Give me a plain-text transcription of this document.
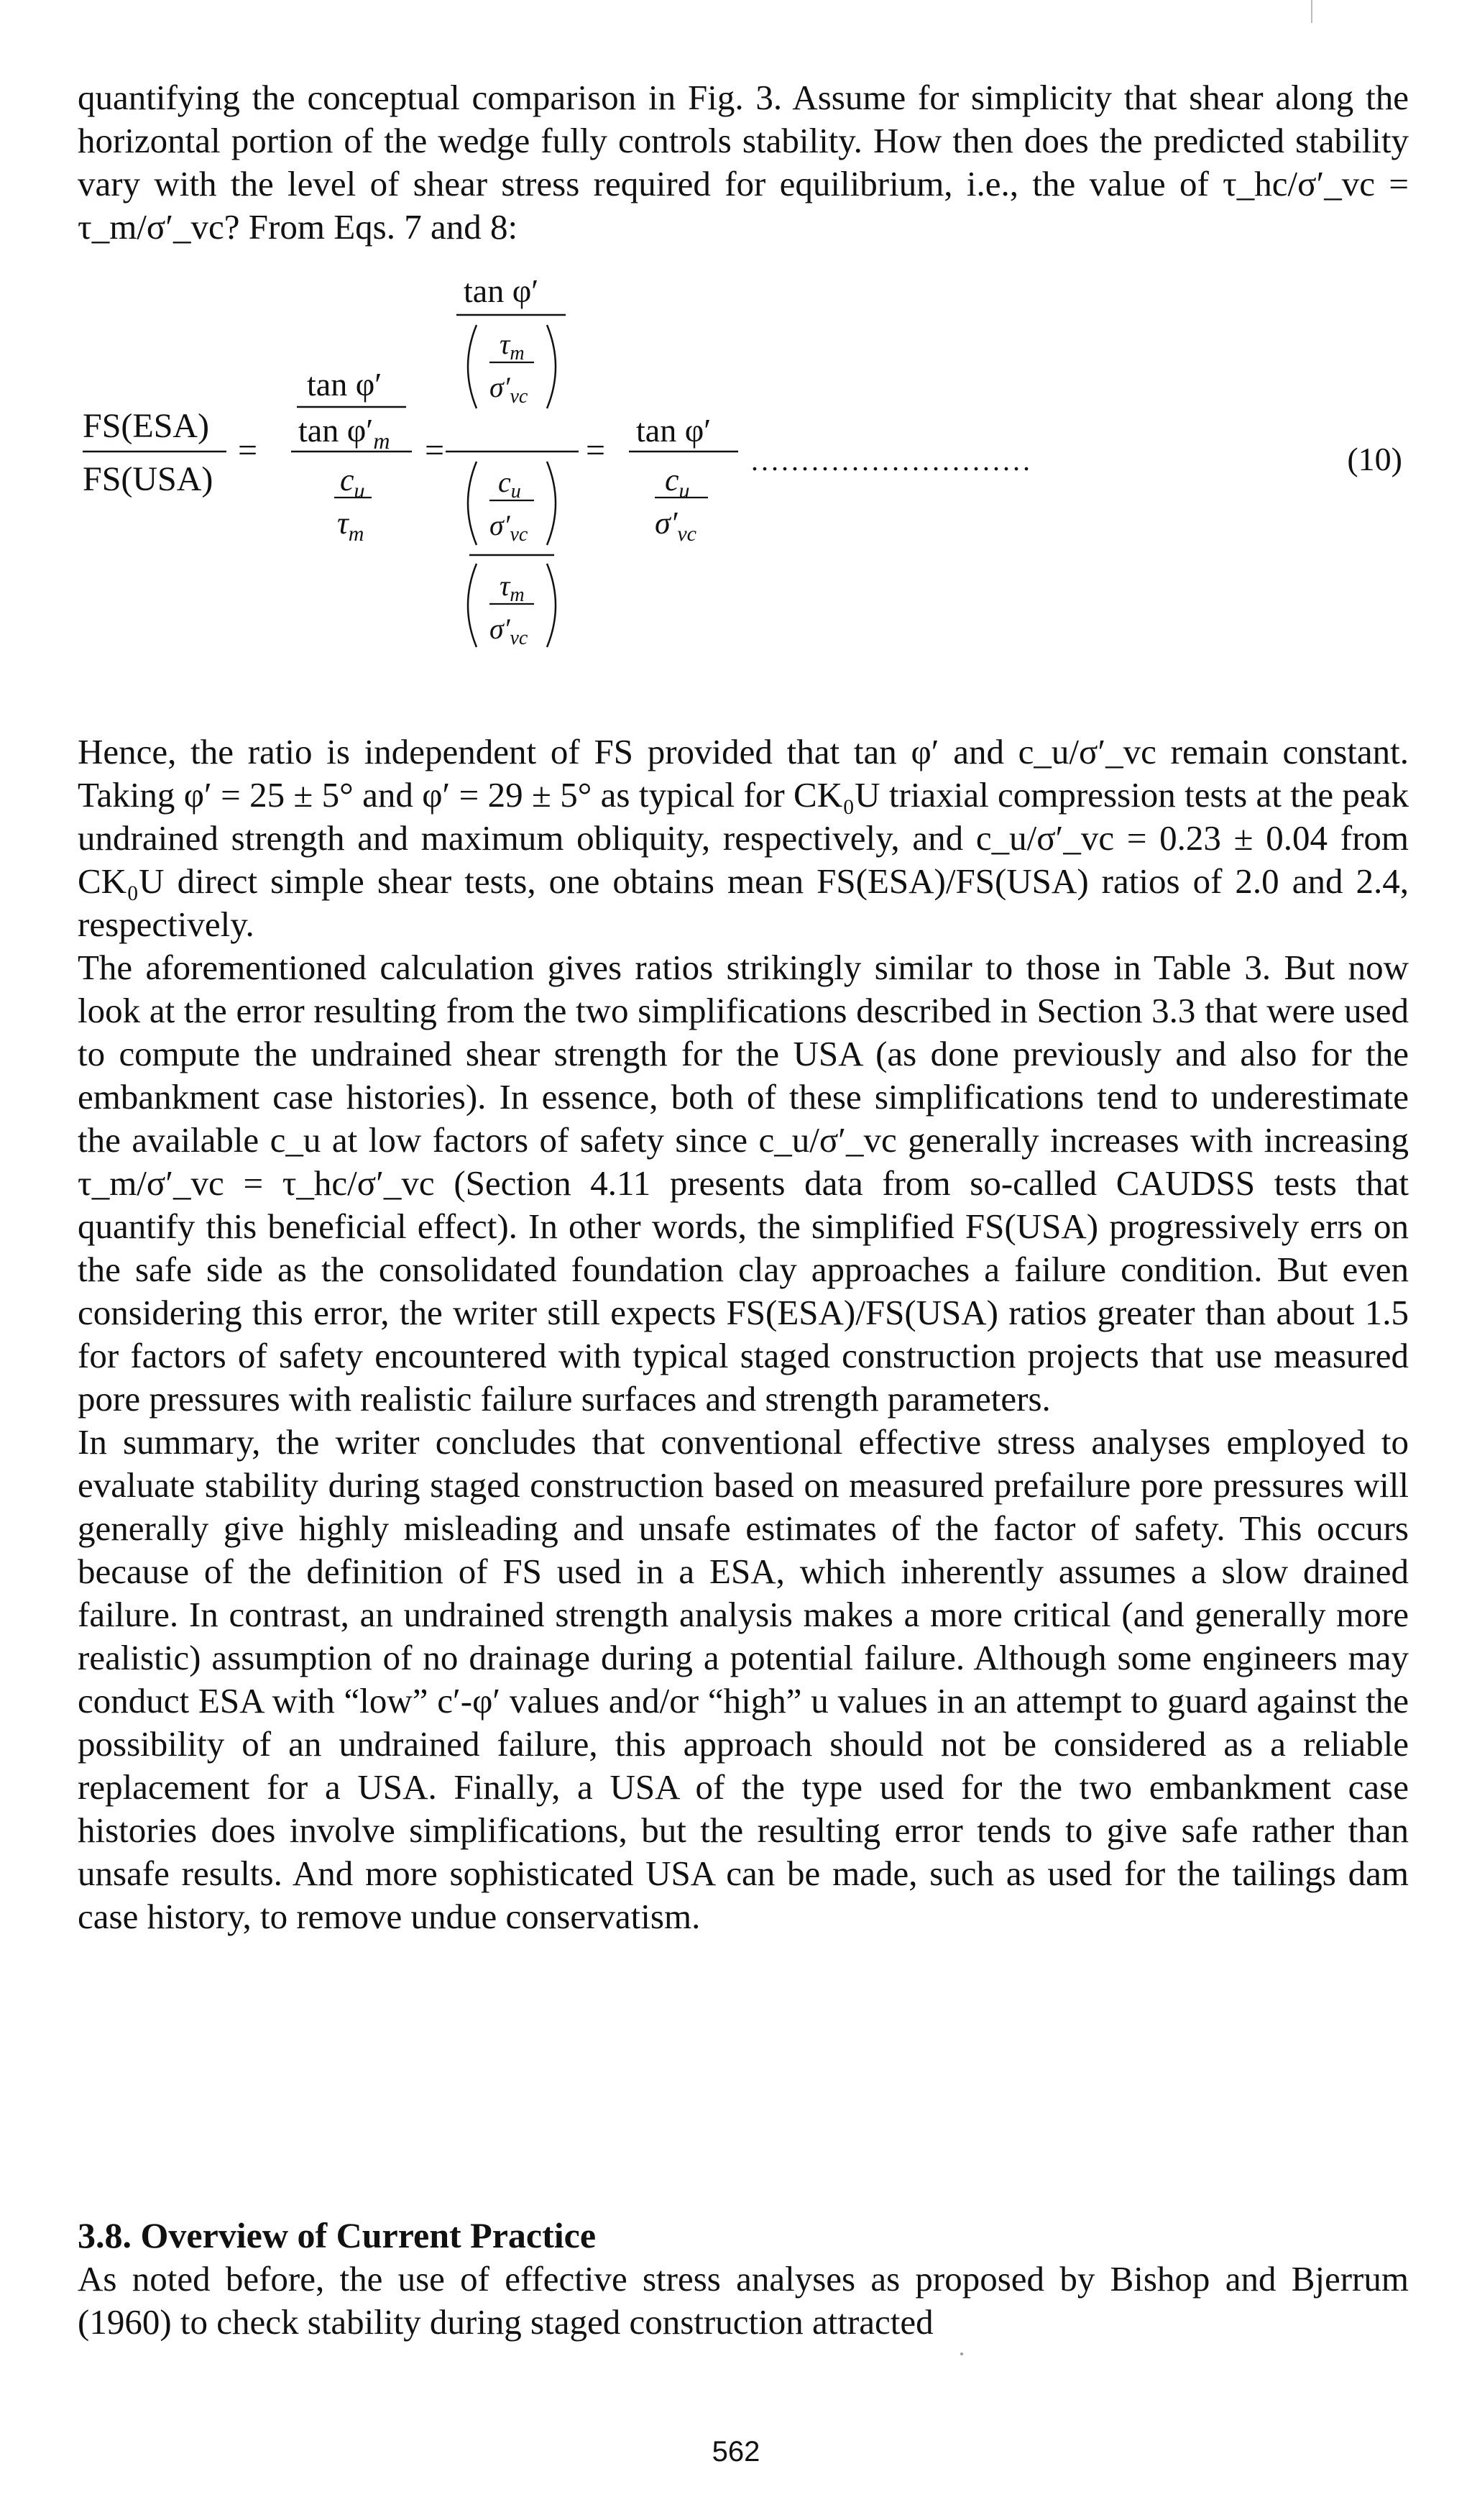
quantifying the conceptual comparison in Fig. 3. Assume for simplicity that shear along the horizontal portion of the wedge fully controls stability. How then does the predicted stability vary with the level of shear stress required for equilibrium, i.e., the value of τ_hc/σ′_vc = τ_m/σ′_vc? From Eqs. 7 and 8:

FS(ESA)
FS(USA)
=
tan φ′
$\tan \varphi'_m$
$c_u$
$\tau_m$
=
tan φ′
$\tau_m$
$\sigma'_{vc}$
$c_u$
$\sigma'_{vc}$
$\tau_m$
$\sigma'_{vc}$
=
tan φ′
$c_u$
$\sigma'_{vc}$
............................	(10)

Hence, the ratio is independent of FS provided that tan φ′ and c_u/σ′_vc remain constant. Taking φ′ = 25 ± 5° and φ′ = 29 ± 5° as typical for CK₀U triaxial compression tests at the peak undrained strength and maximum obliquity, respectively, and c_u/σ′_vc = 0.23 ± 0.04 from CK₀U direct simple shear tests, one obtains mean FS(ESA)/FS(USA) ratios of 2.0 and 2.4, respectively.

The aforementioned calculation gives ratios strikingly similar to those in Table 3. But now look at the error resulting from the two simplifications described in Section 3.3 that were used to compute the undrained shear strength for the USA (as done previously and also for the embankment case histories). In essence, both of these simplifications tend to underestimate the available c_u at low factors of safety since c_u/σ′_vc generally increases with increasing τ_m/σ′_vc = τ_hc/σ′_vc (Section 4.11 presents data from so-called CAUDSS tests that quantify this beneficial effect). In other words, the simplified FS(USA) progressively errs on the safe side as the consolidated foundation clay approaches a failure condition. But even considering this error, the writer still expects FS(ESA)/FS(USA) ratios greater than about 1.5 for factors of safety encountered with typical staged construction projects that use measured pore pressures with realistic failure surfaces and strength parameters.

In summary, the writer concludes that conventional effective stress analyses employed to evaluate stability during staged construction based on measured prefailure pore pressures will generally give highly misleading and unsafe estimates of the factor of safety. This occurs because of the definition of FS used in a ESA, which inherently assumes a slow drained failure. In contrast, an undrained strength analysis makes a more critical (and generally more realistic) assumption of no drainage during a potential failure. Although some engineers may conduct ESA with “low” c′-φ′ values and/or “high” u values in an attempt to guard against the possibility of an undrained failure, this approach should not be considered as a reliable replacement for a USA. Finally, a USA of the type used for the two embankment case histories does involve simplifications, but the resulting error tends to give safe rather than unsafe results. And more sophisticated USA can be made, such as used for the tailings dam case history, to remove undue conservatism.

3.8. Overview of Current Practice

As noted before, the use of effective stress analyses as proposed by Bishop and Bjerrum (1960) to check stability during staged construction attracted

562
